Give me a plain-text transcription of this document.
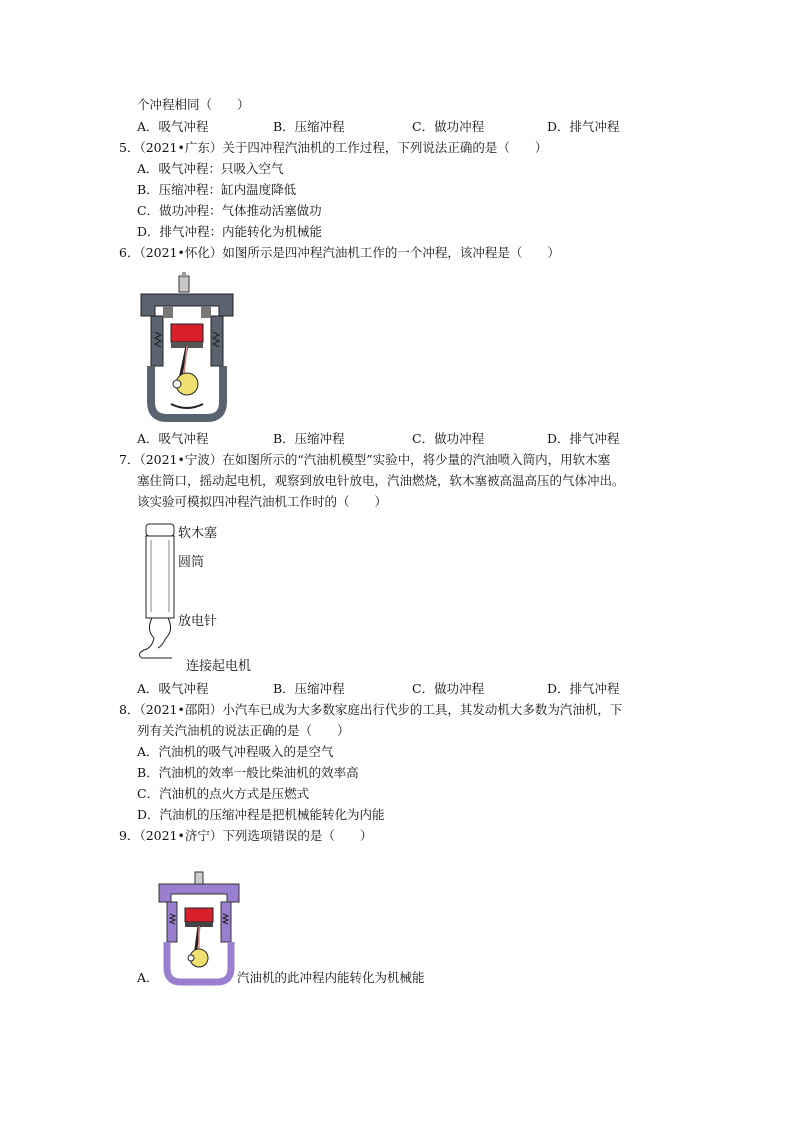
个冲程相同（　　）
A．吸气冲程	B．压缩冲程	C．做功冲程	D．排气冲程
5．（2021•广东）关于四冲程汽油机的工作过程，下列说法正确的是（　　）
A．吸气冲程：只吸入空气
B．压缩冲程：缸内温度降低
C．做功冲程：气体推动活塞做功
D．排气冲程：内能转化为机械能
6．（2021•怀化）如图所示是四冲程汽油机工作的一个冲程，该冲程是（　　）
A．吸气冲程	B．压缩冲程	C．做功冲程	D．排气冲程
7．（2021•宁波）在如图所示的“汽油机模型”实验中，将少量的汽油喷入筒内，用软木塞
塞住筒口，摇动起电机，观察到放电针放电，汽油燃烧，软木塞被高温高压的气体冲出。
该实验可模拟四冲程汽油机工作时的（　　）
软木塞
圆筒
放电针
连接起电机
A．吸气冲程	B．压缩冲程	C．做功冲程	D．排气冲程
8．（2021•邵阳）小汽车已成为大多数家庭出行代步的工具，其发动机大多数为汽油机，下
列有关汽油机的说法正确的是（　　）
A．汽油机的吸气冲程吸入的是空气
B．汽油机的效率一般比柴油机的效率高
C．汽油机的点火方式是压燃式
D．汽油机的压缩冲程是把机械能转化为内能
9．（2021•济宁）下列选项错误的是（　　）
A．	汽油机的此冲程内能转化为机械能
